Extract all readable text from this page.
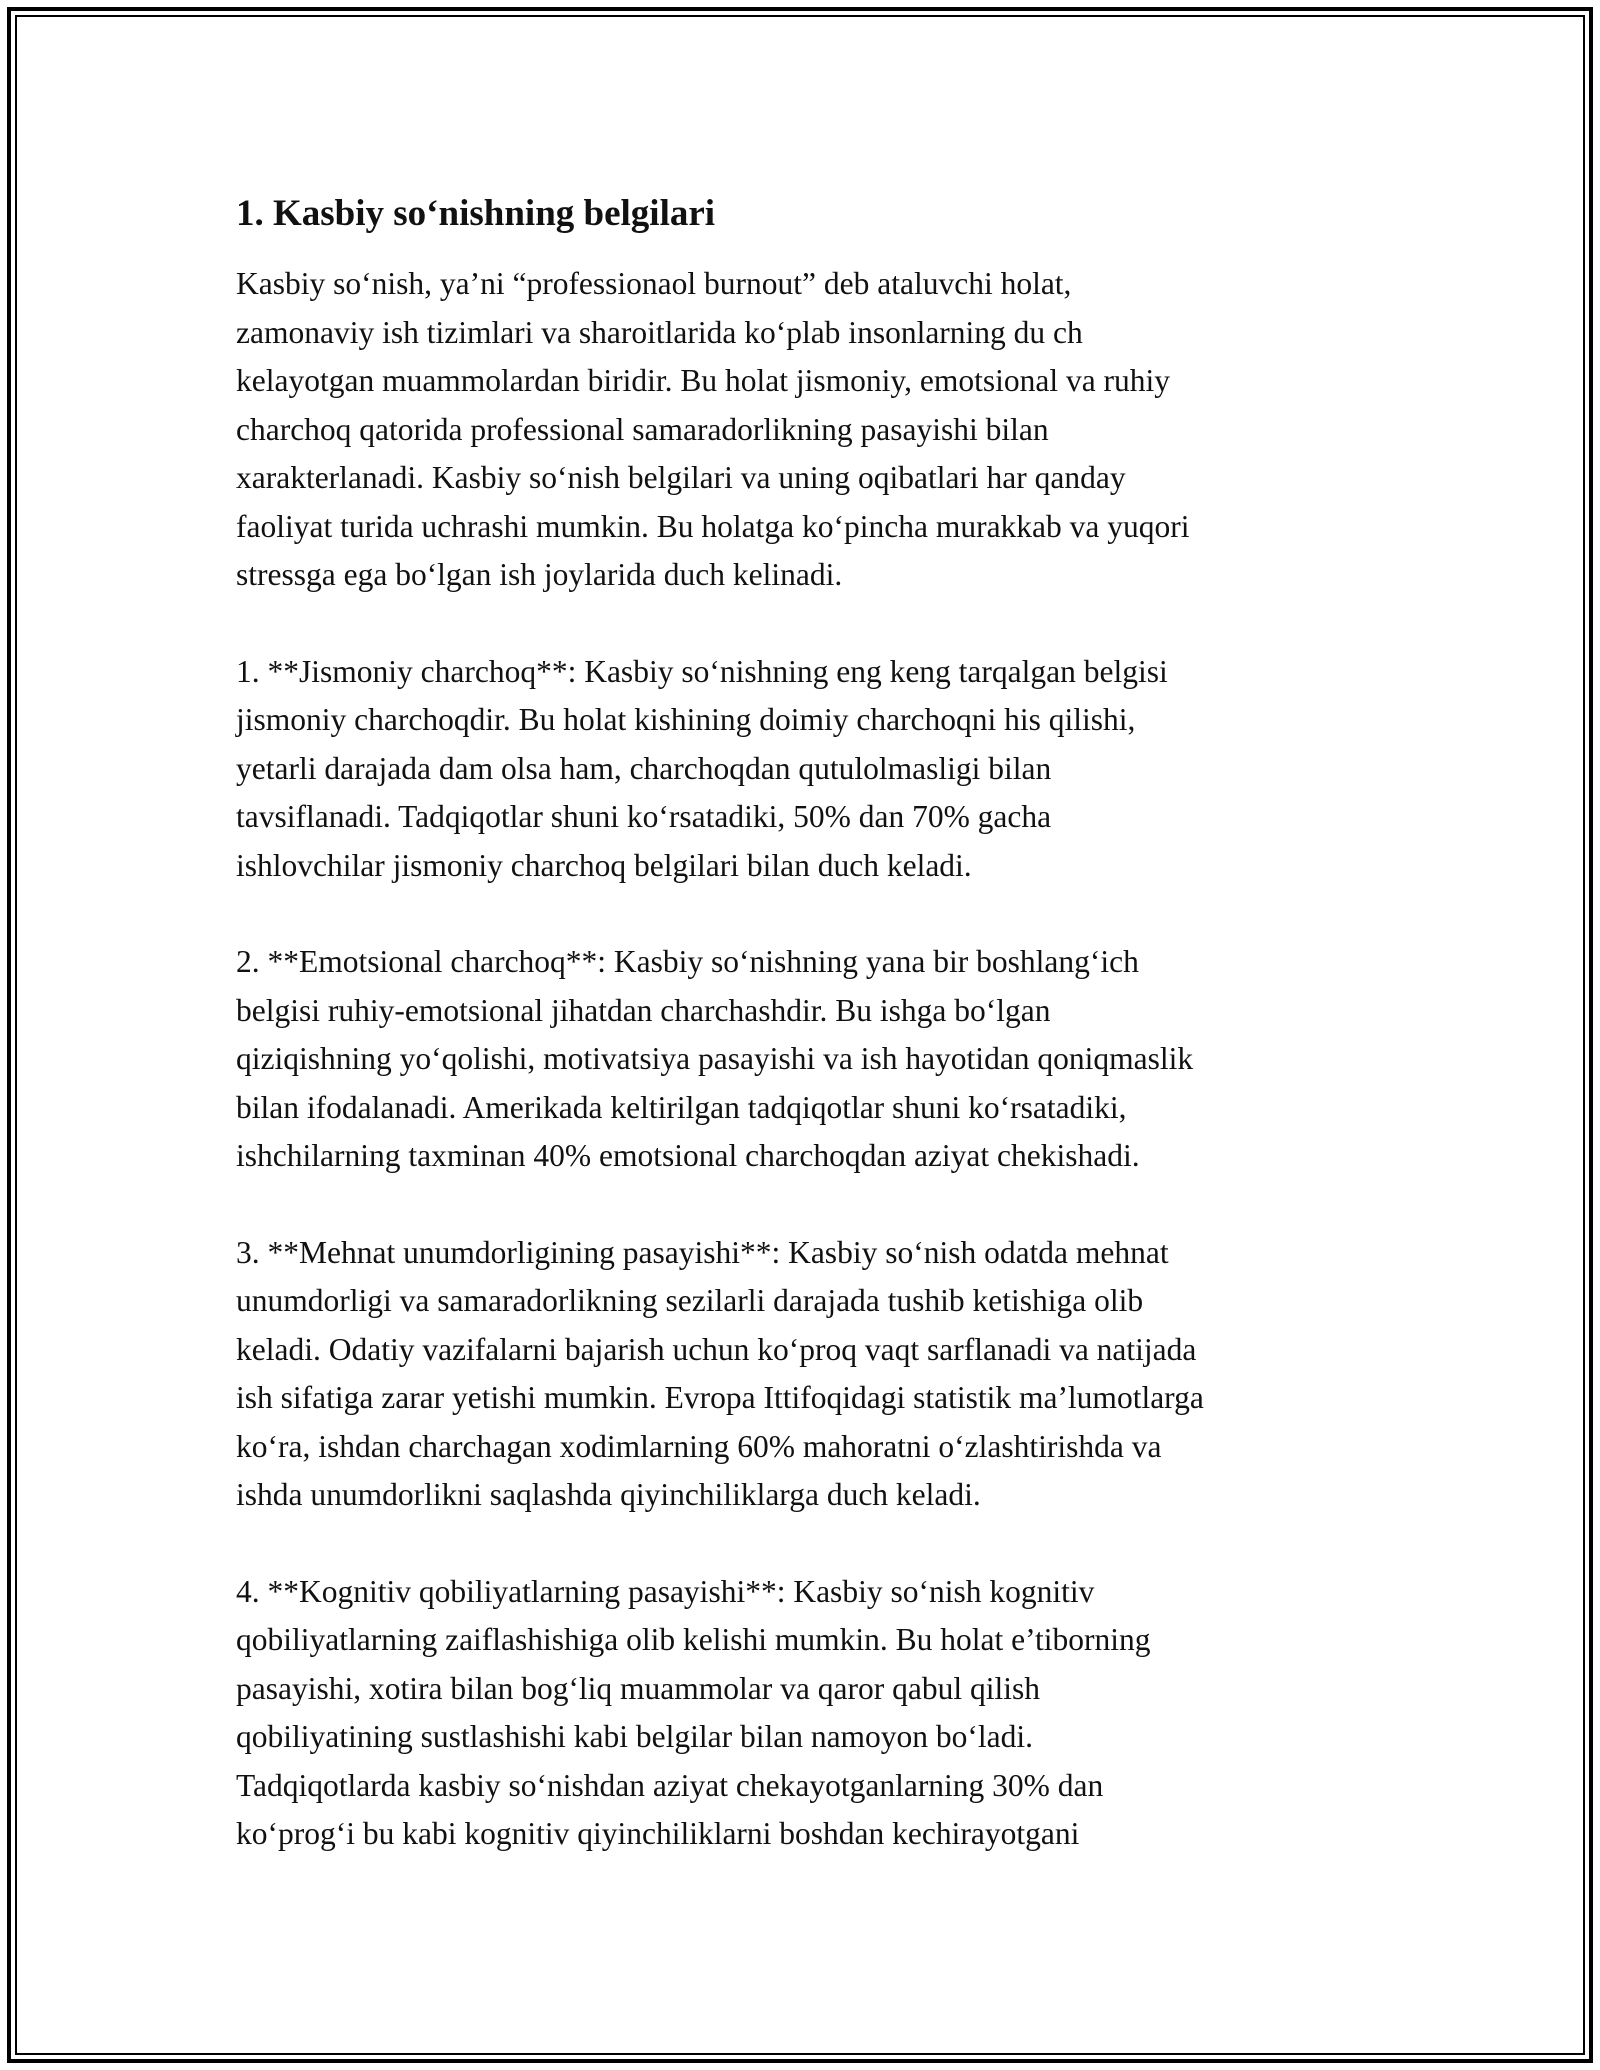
1. Kasbiy so‘nishning belgilari

Kasbiy so‘nish, ya’ni “professionaol burnout” deb ataluvchi holat,
zamonaviy ish tizimlari va sharoitlarida ko‘plab insonlarning du ch
kelayotgan muammolardan biridir. Bu holat jismoniy, emotsional va ruhiy
charchoq qatorida professional samaradorlikning pasayishi bilan
xarakterlanadi. Kasbiy so‘nish belgilari va uning oqibatlari har qanday
faoliyat turida uchrashi mumkin. Bu holatga ko‘pincha murakkab va yuqori
stressga ega bo‘lgan ish joylarida duch kelinadi.

1. **Jismoniy charchoq**: Kasbiy so‘nishning eng keng tarqalgan belgisi
jismoniy charchoqdir. Bu holat kishining doimiy charchoqni his qilishi,
yetarli darajada dam olsa ham, charchoqdan qutulolmasligi bilan
tavsiflanadi. Tadqiqotlar shuni ko‘rsatadiki, 50% dan 70% gacha
ishlovchilar jismoniy charchoq belgilari bilan duch keladi.

2. **Emotsional charchoq**: Kasbiy so‘nishning yana bir boshlang‘ich
belgisi ruhiy-emotsional jihatdan charchashdir. Bu ishga bo‘lgan
qiziqishning yo‘qolishi, motivatsiya pasayishi va ish hayotidan qoniqmaslik
bilan ifodalanadi. Amerikada keltirilgan tadqiqotlar shuni ko‘rsatadiki,
ishchilarning taxminan 40% emotsional charchoqdan aziyat chekishadi.

3. **Mehnat unumdorligining pasayishi**: Kasbiy so‘nish odatda mehnat
unumdorligi va samaradorlikning sezilarli darajada tushib ketishiga olib
keladi. Odatiy vazifalarni bajarish uchun ko‘proq vaqt sarflanadi va natijada
ish sifatiga zarar yetishi mumkin. Evropa Ittifoqidagi statistik ma’lumotlarga
ko‘ra, ishdan charchagan xodimlarning 60% mahoratni o‘zlashtirishda va
ishda unumdorlikni saqlashda qiyinchiliklarga duch keladi.

4. **Kognitiv qobiliyatlarning pasayishi**: Kasbiy so‘nish kognitiv
qobiliyatlarning zaiflashishiga olib kelishi mumkin. Bu holat e’tiborning
pasayishi, xotira bilan bog‘liq muammolar va qaror qabul qilish
qobiliyatining sustlashishi kabi belgilar bilan namoyon bo‘ladi.
Tadqiqotlarda kasbiy so‘nishdan aziyat chekayotganlarning 30% dan
ko‘prog‘i bu kabi kognitiv qiyinchiliklarni boshdan kechirayotgani
